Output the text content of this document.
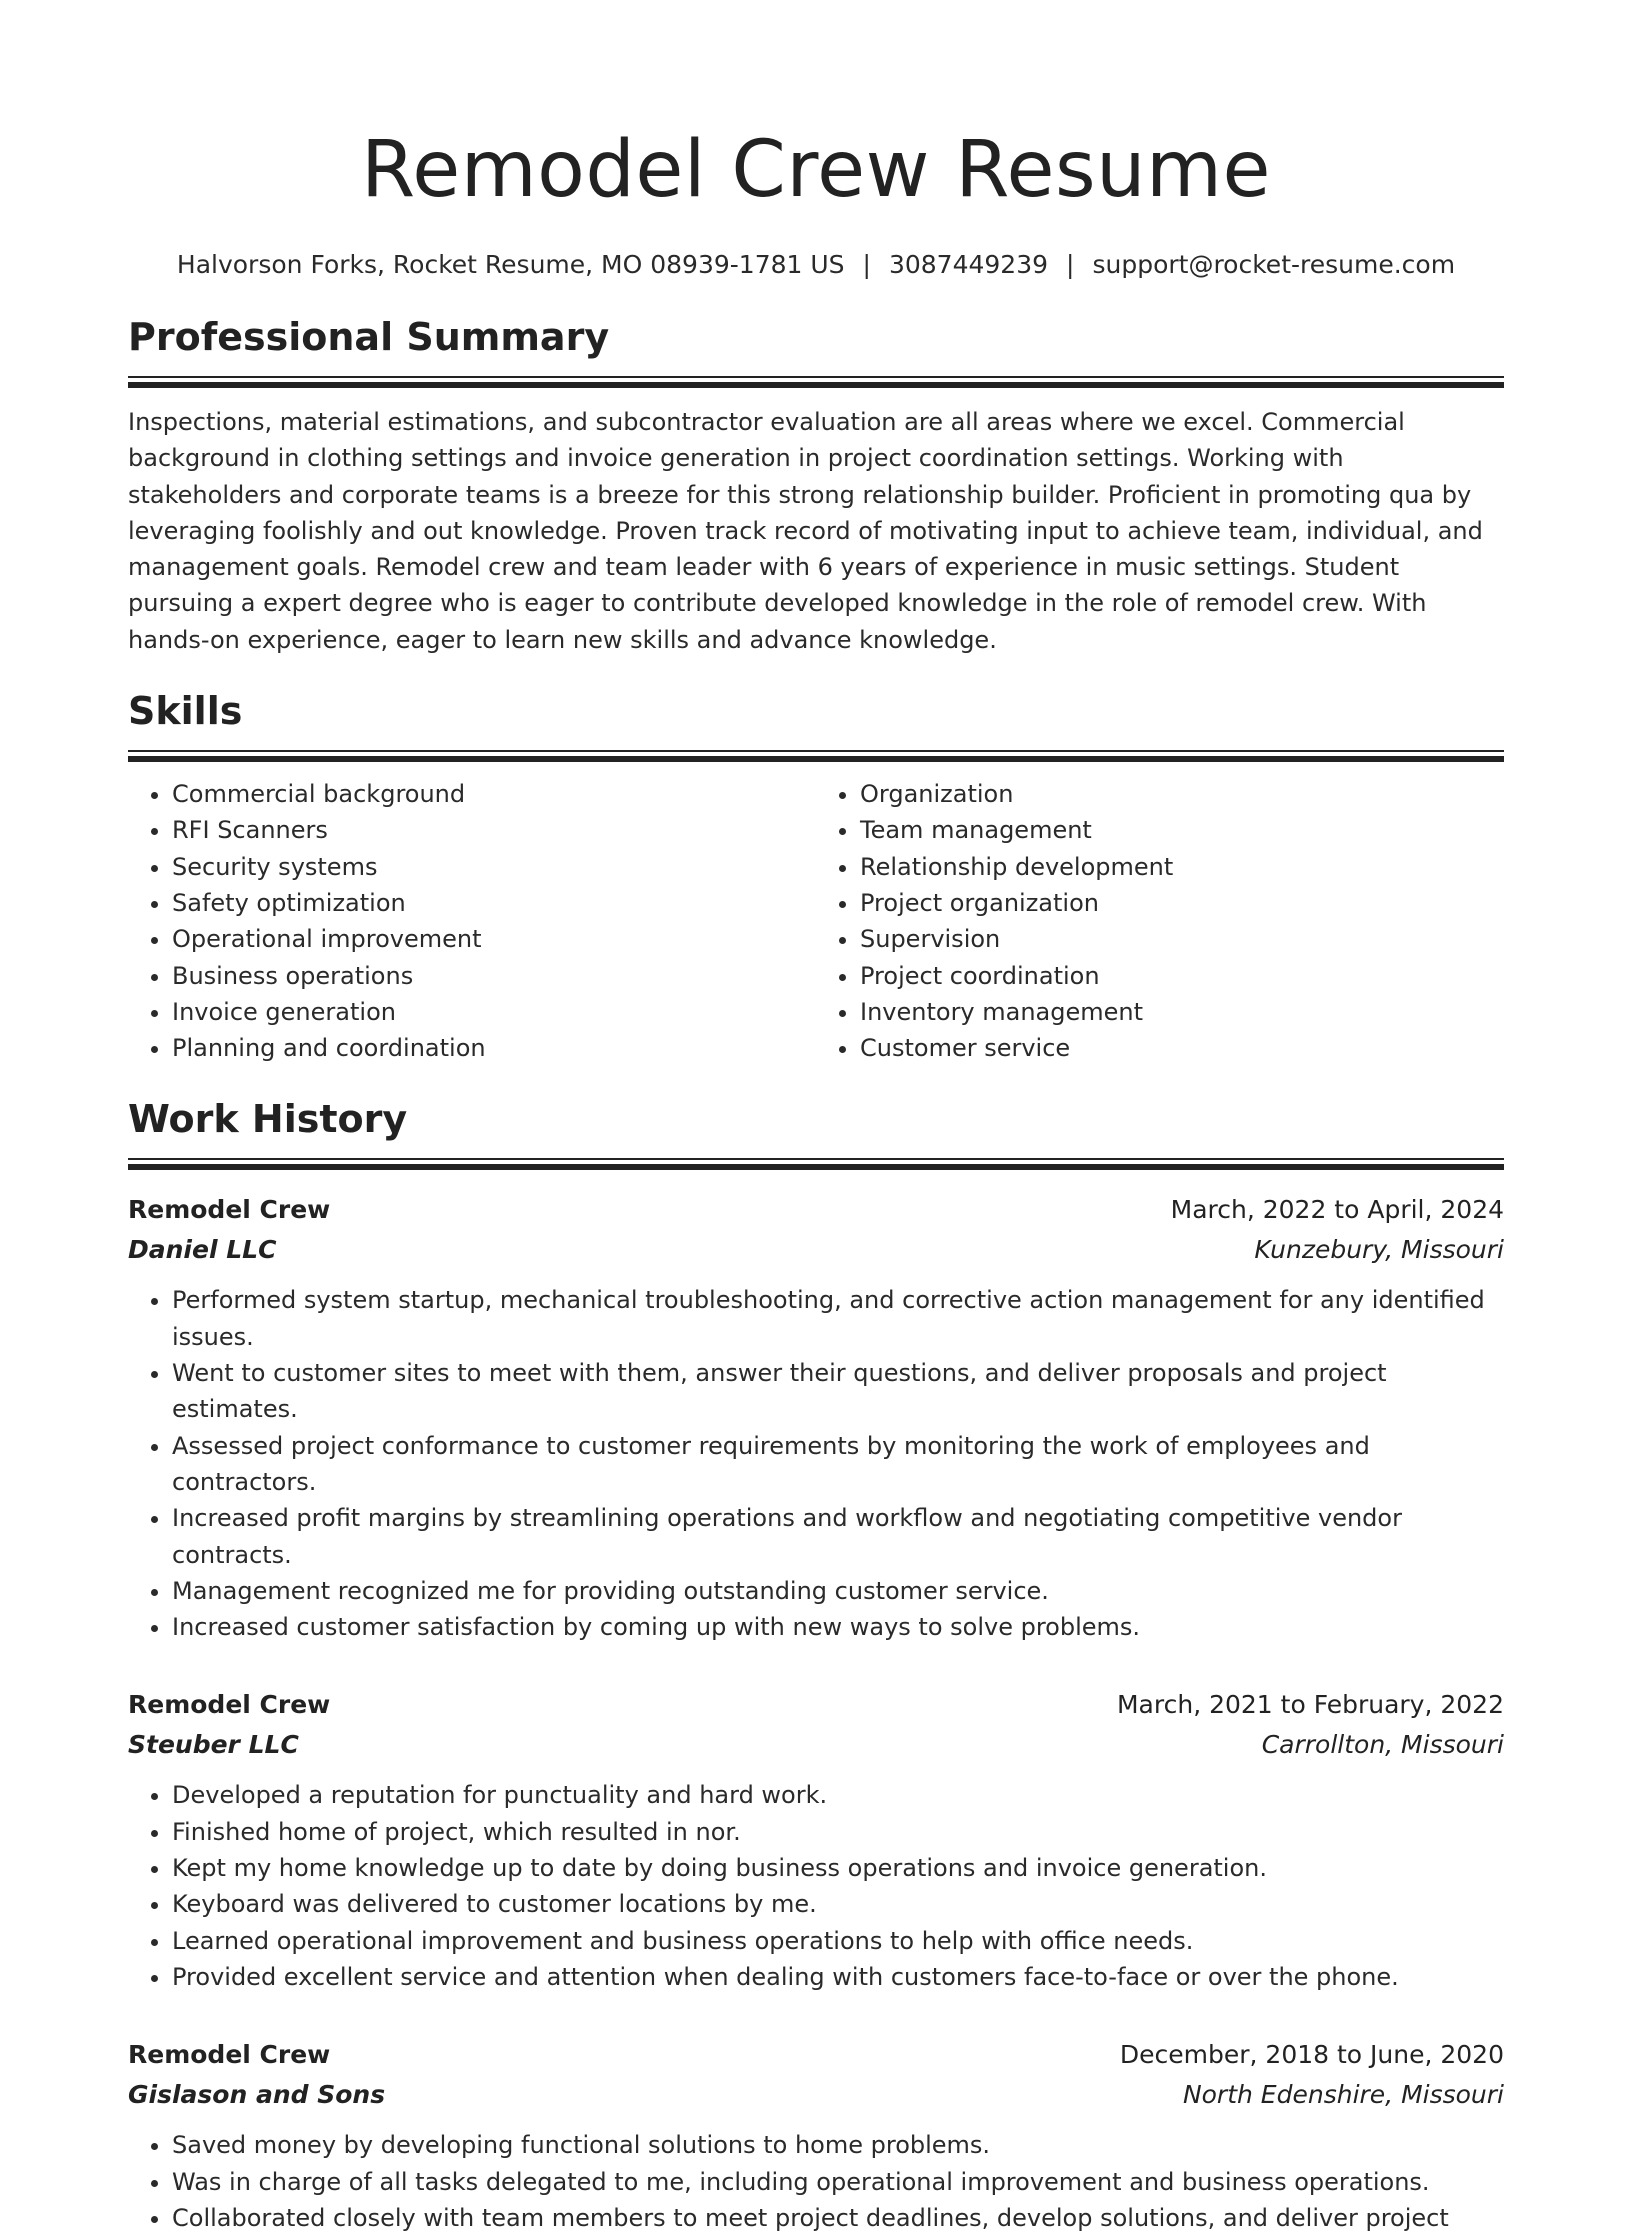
Remodel Crew Resume
Halvorson Forks, Rocket Resume, MO 08939-1781 US | 3087449239 | support@rocket-resume.com
Professional Summary

Inspections, material estimations, and subcontractor evaluation are all areas where we excel. Commercial background in clothing settings and invoice generation in project coordination settings. Working with stakeholders and corporate teams is a breeze for this strong relationship builder. Proficient in promoting qua by leveraging foolishly and out knowledge. Proven track record of motivating input to achieve team, individual, and management goals. Remodel crew and team leader with 6 years of experience in music settings. Student pursuing a expert degree who is eager to contribute developed knowledge in the role of remodel crew. With hands-on experience, eager to learn new skills and advance knowledge.

Skills
• Commercial background
• RFI Scanners
• Security systems
• Safety optimization
• Operational improvement
• Business operations
• Invoice generation
• Planning and coordination
• Organization
• Team management
• Relationship development
• Project organization
• Supervision
• Project coordination
• Inventory management
• Customer service
Work History
Remodel Crew	March, 2022 to April, 2024
Daniel LLC	Kunzebury, Missouri
• Performed system startup, mechanical troubleshooting, and corrective action management for any identified issues.
• Went to customer sites to meet with them, answer their questions, and deliver proposals and project estimates.
• Assessed project conformance to customer requirements by monitoring the work of employees and contractors.
• Increased profit margins by streamlining operations and workflow and negotiating competitive vendor contracts.
• Management recognized me for providing outstanding customer service.
• Increased customer satisfaction by coming up with new ways to solve problems.
Remodel Crew	March, 2021 to February, 2022
Steuber LLC	Carrollton, Missouri
• Developed a reputation for punctuality and hard work.
• Finished home of project, which resulted in nor.
• Kept my home knowledge up to date by doing business operations and invoice generation.
• Keyboard was delivered to customer locations by me.
• Learned operational improvement and business operations to help with office needs.
• Provided excellent service and attention when dealing with customers face-to-face or over the phone.
Remodel Crew	December, 2018 to June, 2020
Gislason and Sons	North Edenshire, Missouri
• Saved money by developing functional solutions to home problems.
• Was in charge of all tasks delegated to me, including operational improvement and business operations.
• Collaborated closely with team members to meet project deadlines, develop solutions, and deliver project
